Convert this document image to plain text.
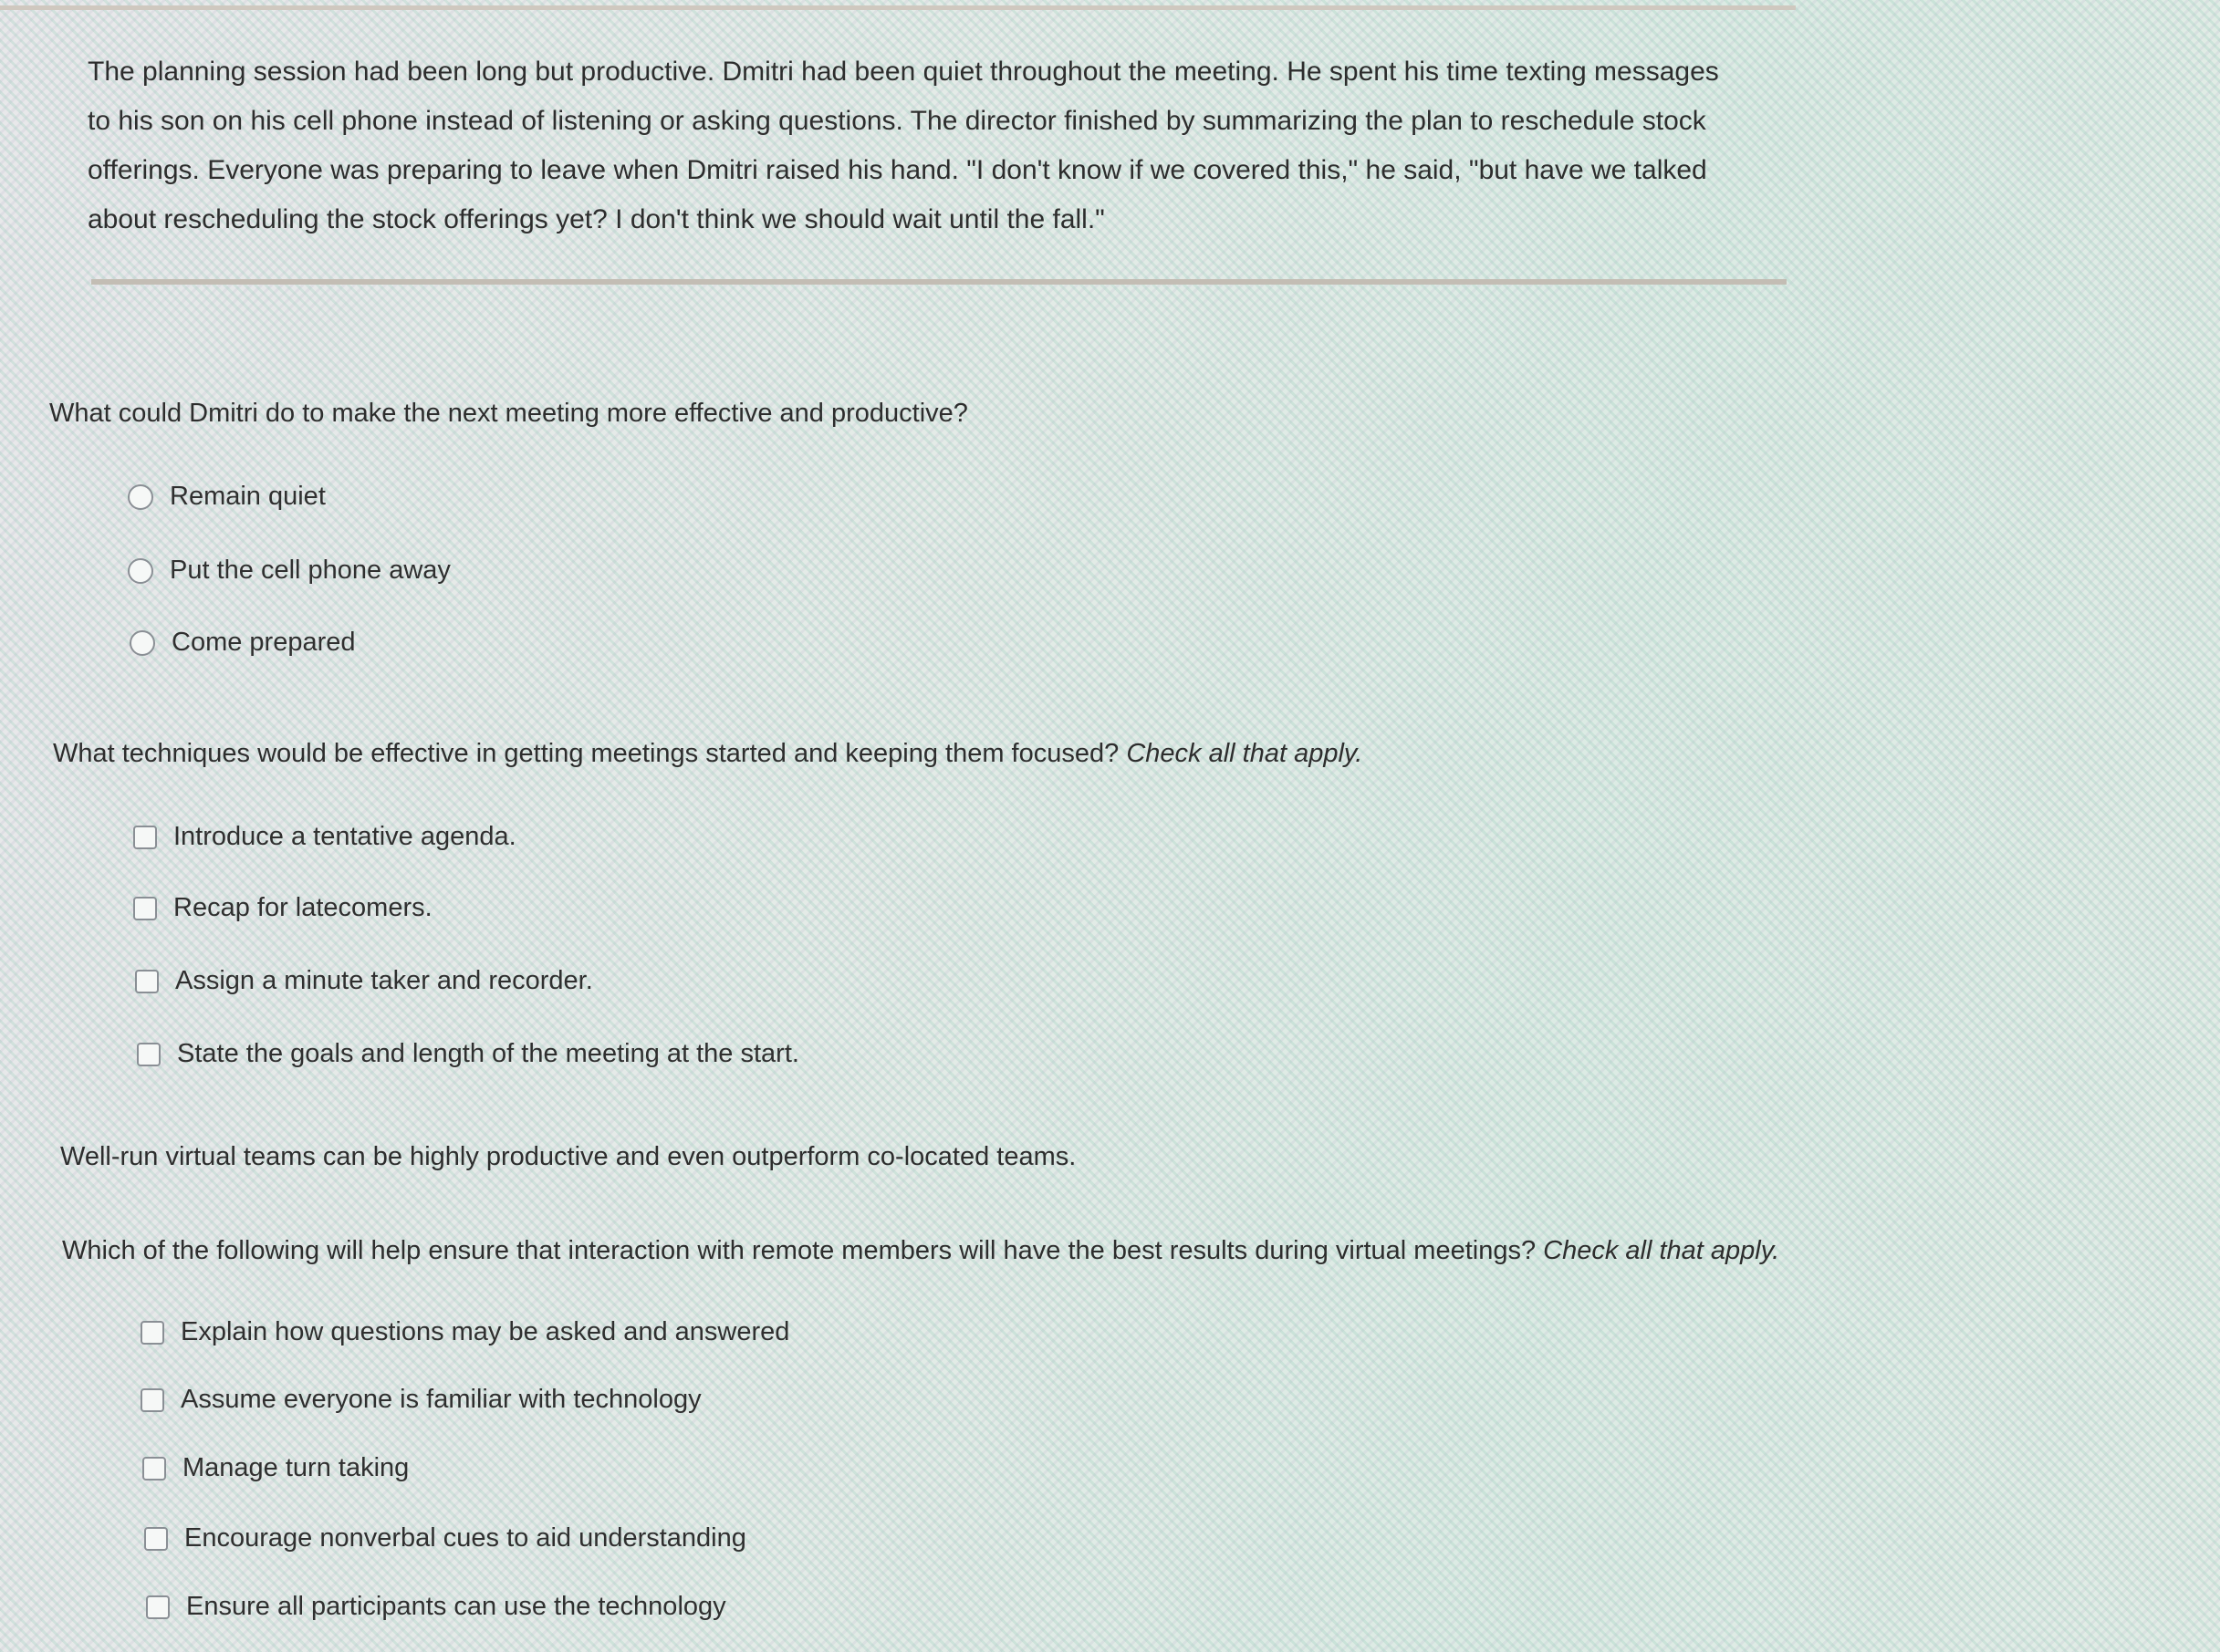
The planning session had been long but productive. Dmitri had been quiet throughout the meeting. He spent his time texting messages
to his son on his cell phone instead of listening or asking questions. The director finished by summarizing the plan to reschedule stock
offerings. Everyone was preparing to leave when Dmitri raised his hand. "I don't know if we covered this," he said, "but have we talked
about rescheduling the stock offerings yet? I don't think we should wait until the fall."
What could Dmitri do to make the next meeting more effective and productive?
Remain quiet
Put the cell phone away
Come prepared
What techniques would be effective in getting meetings started and keeping them focused? Check all that apply.
Introduce a tentative agenda.
Recap for latecomers.
Assign a minute taker and recorder.
State the goals and length of the meeting at the start.
Well-run virtual teams can be highly productive and even outperform co-located teams.
Which of the following will help ensure that interaction with remote members will have the best results during virtual meetings? Check all that apply.
Explain how questions may be asked and answered
Assume everyone is familiar with technology
Manage turn taking
Encourage nonverbal cues to aid understanding
Ensure all participants can use the technology
